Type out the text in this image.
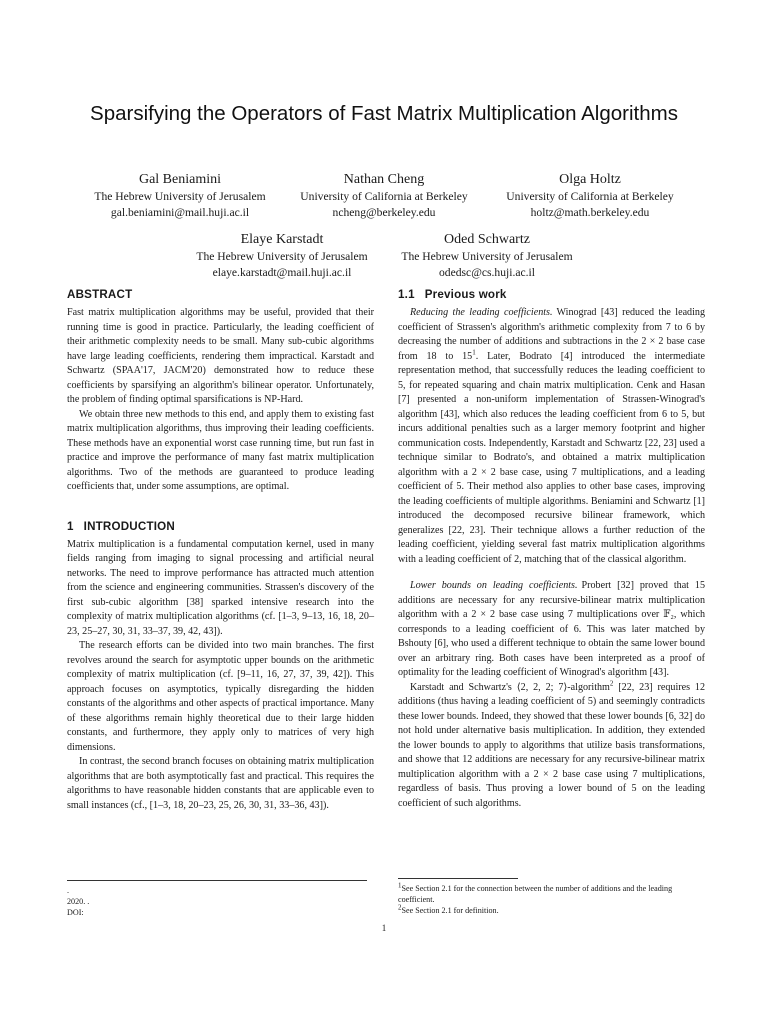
Sparsifying the Operators of Fast Matrix Multiplication Algorithms
Gal Beniamini
The Hebrew University of Jerusalem
gal.beniamini@mail.huji.ac.il
Nathan Cheng
University of California at Berkeley
ncheng@berkeley.edu
Olga Holtz
University of California at Berkeley
holtz@math.berkeley.edu
Elaye Karstadt
The Hebrew University of Jerusalem
elaye.karstadt@mail.huji.ac.il
Oded Schwartz
The Hebrew University of Jerusalem
odedsc@cs.huji.ac.il
ABSTRACT

Fast matrix multiplication algorithms may be useful, provided that their running time is good in practice. Particularly, the leading coefficient of their arithmetic complexity needs to be small. Many sub-cubic algorithms have large leading coefficients, rendering them impractical. Karstadt and Schwartz (SPAA'17, JACM'20) demonstrated how to reduce these coefficients by sparsifying an algorithm's bilinear operator. Unfortunately, the problem of finding optimal sparsifications is NP-Hard.

We obtain three new methods to this end, and apply them to existing fast matrix multiplication algorithms, thus improving their leading coefficients. These methods have an exponential worst case running time, but run fast in practice and improve the performance of many fast matrix multiplication algorithms. Two of the methods are guaranteed to produce leading coefficients that, under some assumptions, are optimal.

1 INTRODUCTION

Matrix multiplication is a fundamental computation kernel, used in many fields ranging from imaging to signal processing and artificial neural networks. The need to improve performance has attracted much attention from the science and engineering communities. Strassen's discovery of the first sub-cubic algorithm [38] sparked intensive research into the complexity of matrix multiplication algorithms (cf. [1–3, 9–13, 16, 18, 20–23, 25–27, 30, 31, 33–37, 39, 42, 43]).

The research efforts can be divided into two main branches. The first revolves around the search for asymptotic upper bounds on the arithmetic complexity of matrix multiplication (cf. [9–11, 16, 27, 37, 39, 42]). This approach focuses on asymptotics, typically disregarding the hidden constants of the algorithms and other aspects of practical importance. Many of these algorithms remain highly theoretical due to their large hidden constants, and furthermore, they apply only to matrices of very high dimensions.

In contrast, the second branch focuses on obtaining matrix multiplication algorithms that are both asymptotically fast and practical. This requires the algorithms to have reasonable hidden constants that are applicable even to small instances (cf., [1–3, 18, 20–23, 25, 26, 30, 31, 33–36, 43]).

1.1 Previous work

Reducing the leading coefficients. Winograd [43] reduced the leading coefficient of Strassen's algorithm's arithmetic complexity from 7 to 6 by decreasing the number of additions and subtractions in the 2 × 2 base case from 18 to $15^1$. Later, Bodrato [4] introduced the intermediate representation method, that successfully reduces the leading coefficient to 5, for repeated squaring and chain matrix multiplication. Cenk and Hasan [7] presented a non-uniform implementation of Strassen-Winograd's algorithm [43], which also reduces the leading coefficient from 6 to 5, but incurs additional penalties such as a larger memory footprint and higher communication costs. Independently, Karstadt and Schwartz [22, 23] used a technique similar to Bodrato's, and obtained a matrix multiplication algorithm with a 2 × 2 base case, using 7 multiplications, and a leading coefficient of 5. Their method also applies to other base cases, improving the leading coefficients of multiple algorithms. Beniamini and Schwartz [1] introduced the decomposed recursive bilinear framework, which generalizes [22, 23]. Their technique allows a further reduction of the leading coefficient, yielding several fast matrix multiplication algorithms with a leading coefficient of 2, matching that of the classical algorithm.

Lower bounds on leading coefficients. Probert [32] proved that 15 additions are necessary for any recursive-bilinear matrix multiplication algorithm with a 2 × 2 base case using 7 multiplications over 𝔽₂, which corresponds to a leading coefficient of 6. This was later matched by Bshouty [6], who used a different technique to obtain the same lower bound over an arbitrary ring. Both cases have been interpreted as a proof of optimality for the leading coefficient of Winograd's algorithm [43].

Karstadt and Schwartz's ⟨2, 2, 2; 7⟩-algorithm$^2$ [22, 23] requires 12 additions (thus having a leading coefficient of 5) and seemingly contradicts these lower bounds. Indeed, they showed that these lower bounds [6, 32] do not hold under alternative basis multiplication. In addition, they extended the lower bounds to apply to algorithms that utilize basis transformations, and showe that 12 additions are necessary for any recursive-bilinear matrix multiplication algorithm with a 2 × 2 base case using 7 multiplications, regardless of basis. Thus proving a lower bound of 5 on the leading coefficient of such algorithms.

.
2020. .
DOI:
$^1$See Section 2.1 for the connection between the number of additions and the leading coefficient.
$^2$See Section 2.1 for definition.
1
